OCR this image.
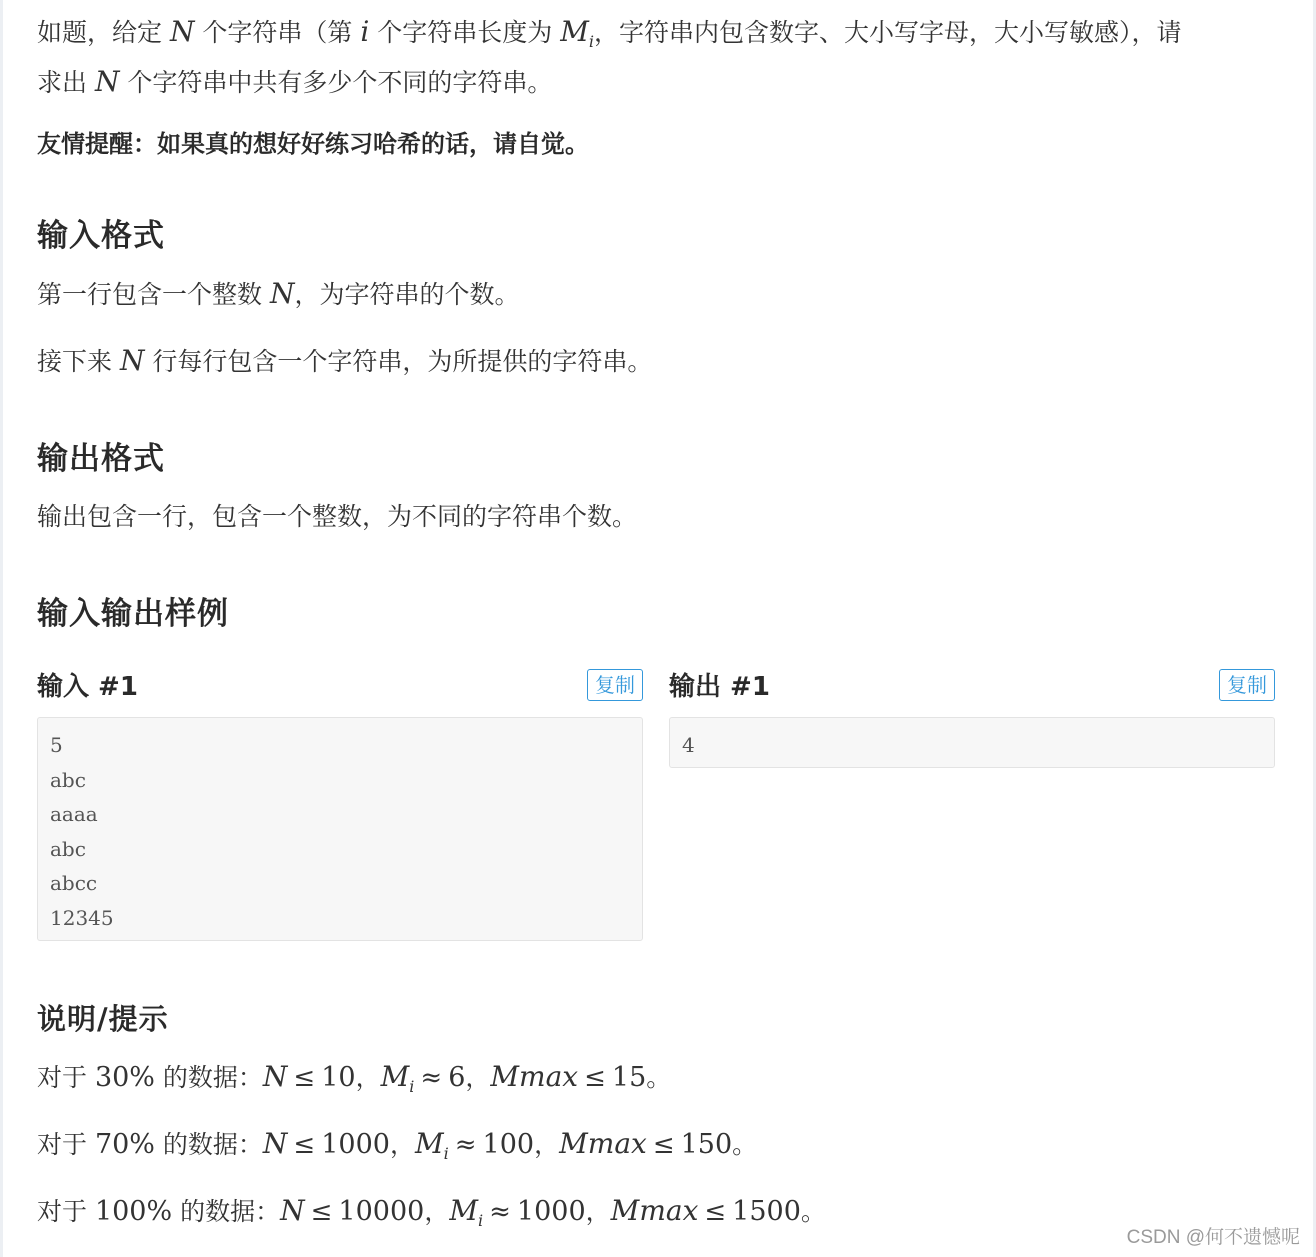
如题，给定 N 个字符串（第 i 个字符串长度为 $M_i$，字符串内包含数字、大小写字母，大小写敏感），请

求出 N 个字符串中共有多少个不同的字符串。

友情提醒：如果真的想好好练习哈希的话，请自觉。

输入格式

第一行包含一个整数 N，为字符串的个数。

接下来 N 行每行包含一个字符串，为所提供的字符串。

输出格式

输出包含一行，包含一个整数，为不同的字符串个数。

输入输出样例
输入 #1	复制	输出 #1	复制
5
abc
aaaa
abc
abcc
12345
4
说明/提示

对于 30% 的数据：N ≤ 10，$M_i \approx 6$，Mmax ≤ 15。

对于 70% 的数据：N ≤ 1000，$M_i \approx 100$，Mmax ≤ 150。

对于 100% 的数据：N ≤ 10000，$M_i \approx 1000$，Mmax ≤ 1500。

CSDN @何不遗憾呢
